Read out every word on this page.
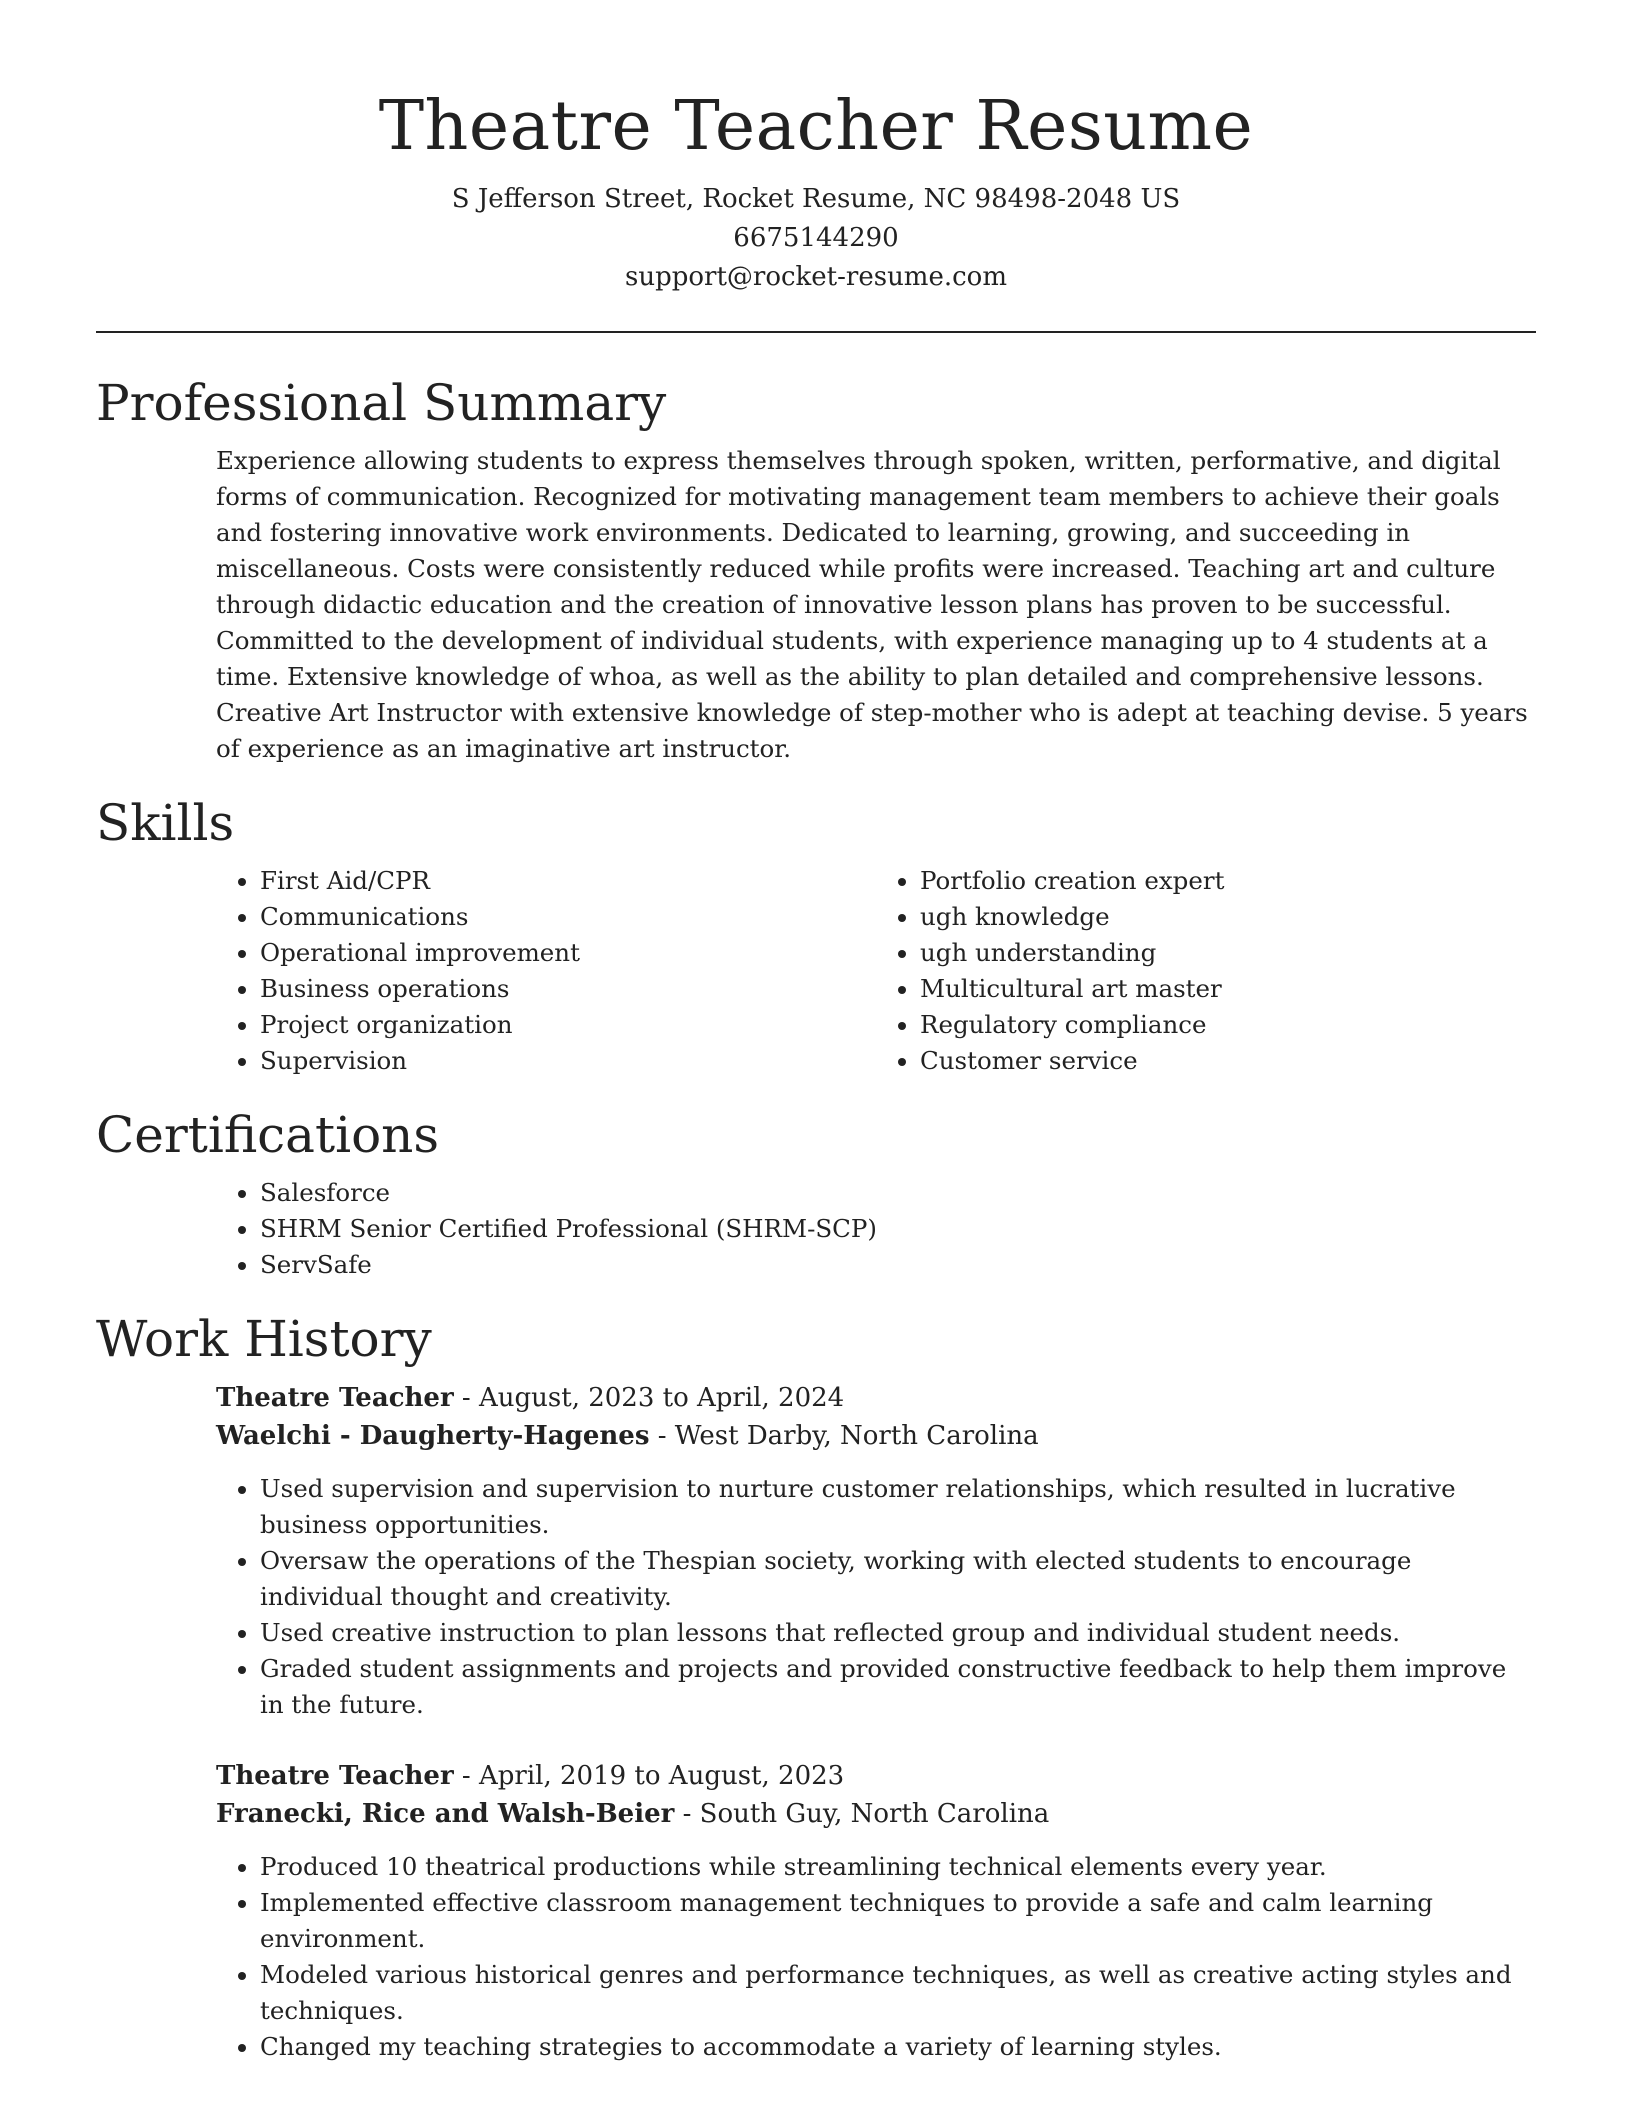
Theatre Teacher Resume
S Jefferson Street, Rocket Resume, NC 98498-2048 US
6675144290
support@rocket-resume.com
Professional Summary

Experience allowing students to express themselves through spoken, written, performative, and digital forms of communication. Recognized for motivating management team members to achieve their goals and fostering innovative work environments. Dedicated to learning, growing, and succeeding in miscellaneous. Costs were consistently reduced while profits were increased. Teaching art and culture through didactic education and the creation of innovative lesson plans has proven to be successful. Committed to the development of individual students, with experience managing up to 4 students at a time. Extensive knowledge of whoa, as well as the ability to plan detailed and comprehensive lessons. Creative Art Instructor with extensive knowledge of step-mother who is adept at teaching devise. 5 years of experience as an imaginative art instructor.

Skills
• First Aid/CPR
• Communications
• Operational improvement
• Business operations
• Project organization
• Supervision
• Portfolio creation expert
• ugh knowledge
• ugh understanding
• Multicultural art master
• Regulatory compliance
• Customer service
Certifications
• Salesforce
• SHRM Senior Certified Professional (SHRM-SCP)
• ServSafe
Work History
Theatre Teacher - August, 2023 to April, 2024
Waelchi - Daugherty-Hagenes - West Darby, North Carolina
• Used supervision and supervision to nurture customer relationships, which resulted in lucrative business opportunities.
• Oversaw the operations of the Thespian society, working with elected students to encourage individual thought and creativity.
• Used creative instruction to plan lessons that reflected group and individual student needs.
• Graded student assignments and projects and provided constructive feedback to help them improve in the future.
Theatre Teacher - April, 2019 to August, 2023
Franecki, Rice and Walsh-Beier - South Guy, North Carolina
• Produced 10 theatrical productions while streamlining technical elements every year.
• Implemented effective classroom management techniques to provide a safe and calm learning environment.
• Modeled various historical genres and performance techniques, as well as creative acting styles and techniques.
• Changed my teaching strategies to accommodate a variety of learning styles.
